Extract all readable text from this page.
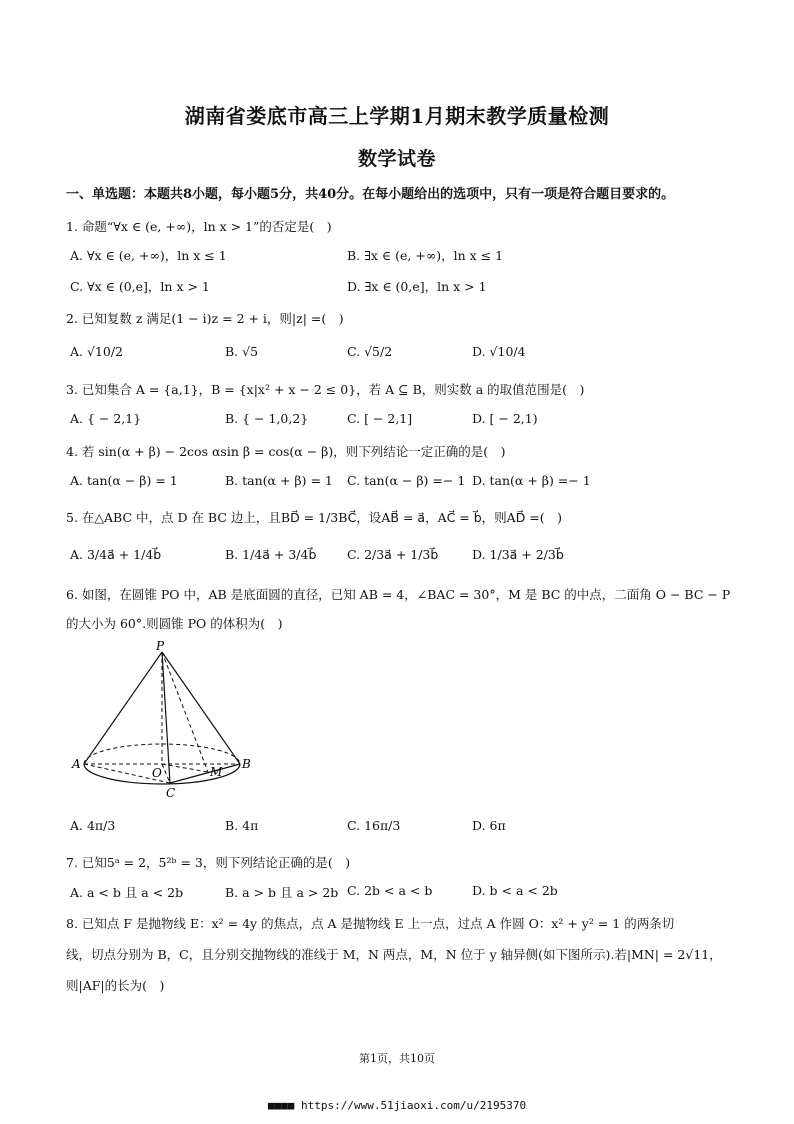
湖南省娄底市高三上学期1月期末教学质量检测
数学试卷
一、单选题：本题共8小题，每小题5分，共40分。在每小题给出的选项中，只有一项是符合题目要求的。
1. 命题“∀x ∈ (e, +∞)，ln x > 1”的否定是(　)
A. ∀x ∈ (e, +∞)，ln x ≤ 1	B. ∃x ∈ (e, +∞)，ln x ≤ 1
C. ∀x ∈ (0,e]，ln x > 1	D. ∃x ∈ (0,e]，ln x > 1
2. 已知复数 z 满足(1 − i)z = 2 + i，则|z| =(　)
A. √10/2	B. √5	C. √5/2	D. √10/4
3. 已知集合 A = {a,1}，B = {x|x² + x − 2 ≤ 0}，若 A ⊆ B，则实数 a 的取值范围是(　)
A. { − 2,1}	B. { − 1,0,2}	C. [ − 2,1]	D. [ − 2,1)
4. 若 sin(α + β) − 2cos αsin β = cos(α − β)，则下列结论一定正确的是(　)
A. tan(α − β) = 1	B. tan(α + β) = 1 C. tan(α − β) =− 1 D. tan(α + β) =− 1
5. 在△ABC 中，点 D 在 BC 边上，且BD⃗ = 1/3BC⃗，设AB⃗ = a⃗，AC⃗ = b⃗，则AD⃗ =(　)
A. 3/4a⃗ + 1/4b⃗	B. 1/4a⃗ + 3/4b⃗ C. 2/3a⃗ + 1/3b⃗	D. 1/3a⃗ + 2/3b⃗
6. 如图，在圆锥 PO 中，AB 是底面圆的直径，已知 AB = 4，∠BAC = 30°，M 是 BC 的中点，二面角 O − BC − P
的大小为 60°.则圆锥 PO 的体积为(　)
P
A	B
O	M
C
A. 4π/3	B. 4π	C. 16π/3	D. 6π
7. 已知5ᵃ = 2，5²ᵇ = 3，则下列结论正确的是(　)
A. a < b 且 a < 2b	B. a > b 且 a > 2b C. 2b < a < b	D. b < a < 2b
8. 已知点 F 是抛物线 E：x² = 4y 的焦点，点 A 是抛物线 E 上一点，过点 A 作圆 O：x² + y² = 1 的两条切
线，切点分别为 B，C，且分别交抛物线的准线于 M，N 两点，M，N 位于 y 轴异侧(如下图所示).若|MN| = 2√11，
则|AF|的长为(　)
第1页，共10页
■■■■ https://www.51jiaoxi.com/u/2195370
